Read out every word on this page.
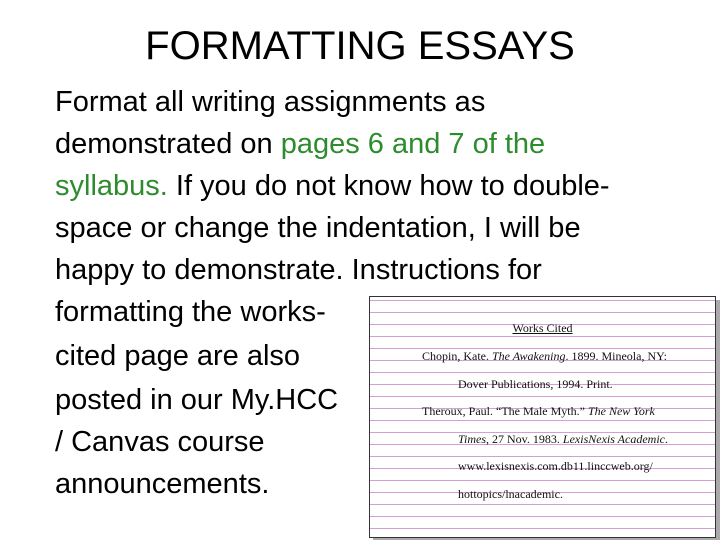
FORMATTING ESSAYS
Format all writing assignments as
demonstrated on pages 6 and 7 of the
syllabus. If you do not know how to double-
space or change the indentation, I will be
happy to demonstrate. Instructions for
formatting the works-
cited page are also
posted in our My.HCC
/ Canvas course
announcements.
Works Cited
Chopin, Kate. The Awakening. 1899. Mineola, NY:
Dover Publications, 1994. Print.
Theroux, Paul. “The Male Myth.” The New York
Times, 27 Nov. 1983. LexisNexis Academic.
www.lexisnexis.com.db11.linccweb.org/
hottopics/lnacademic.
